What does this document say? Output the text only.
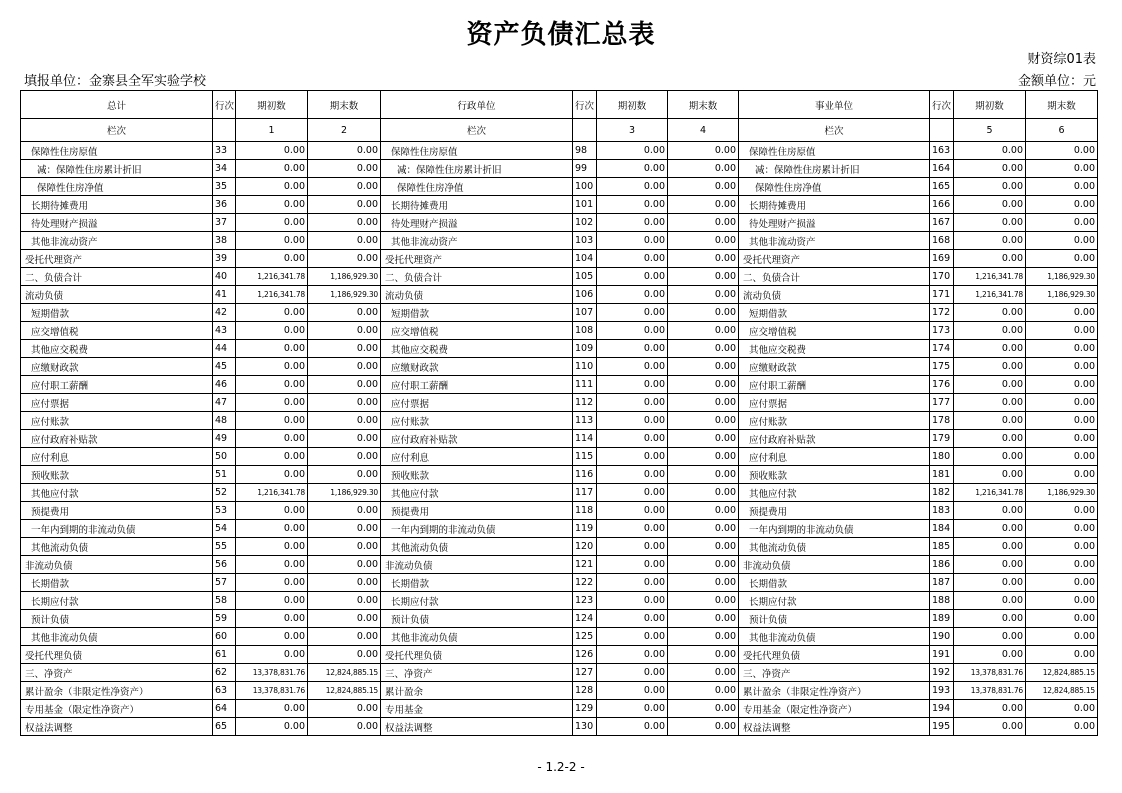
资产负债汇总表
财资综01表
填报单位：金寨县全军实验学校	金额单位：元
总计	行次	期初数	期末数	行政单位	行次	期初数	期末数	事业单位	行次	期初数	期末数
栏次		1	2	栏次		3	4	栏次		5	6
保障性住房原值	33	0.00	0.00	保障性住房原值	98	0.00	0.00	保障性住房原值	163	0.00	0.00
减：保障性住房累计折旧	34	0.00	0.00	减：保障性住房累计折旧	99	0.00	0.00	减：保障性住房累计折旧	164	0.00	0.00
保障性住房净值	35	0.00	0.00	保障性住房净值	100	0.00	0.00	保障性住房净值	165	0.00	0.00
长期待摊费用	36	0.00	0.00	长期待摊费用	101	0.00	0.00	长期待摊费用	166	0.00	0.00
待处理财产损溢	37	0.00	0.00	待处理财产损溢	102	0.00	0.00	待处理财产损溢	167	0.00	0.00
其他非流动资产	38	0.00	0.00	其他非流动资产	103	0.00	0.00	其他非流动资产	168	0.00	0.00
受托代理资产	39	0.00	0.00	受托代理资产	104	0.00	0.00	受托代理资产	169	0.00	0.00
二、负债合计	40	1,216,341.78	1,186,929.30	二、负债合计	105	0.00	0.00	二、负债合计	170	1,216,341.78	1,186,929.30
流动负债	41	1,216,341.78	1,186,929.30	流动负债	106	0.00	0.00	流动负债	171	1,216,341.78	1,186,929.30
短期借款	42	0.00	0.00	短期借款	107	0.00	0.00	短期借款	172	0.00	0.00
应交增值税	43	0.00	0.00	应交增值税	108	0.00	0.00	应交增值税	173	0.00	0.00
其他应交税费	44	0.00	0.00	其他应交税费	109	0.00	0.00	其他应交税费	174	0.00	0.00
应缴财政款	45	0.00	0.00	应缴财政款	110	0.00	0.00	应缴财政款	175	0.00	0.00
应付职工薪酬	46	0.00	0.00	应付职工薪酬	111	0.00	0.00	应付职工薪酬	176	0.00	0.00
应付票据	47	0.00	0.00	应付票据	112	0.00	0.00	应付票据	177	0.00	0.00
应付账款	48	0.00	0.00	应付账款	113	0.00	0.00	应付账款	178	0.00	0.00
应付政府补贴款	49	0.00	0.00	应付政府补贴款	114	0.00	0.00	应付政府补贴款	179	0.00	0.00
应付利息	50	0.00	0.00	应付利息	115	0.00	0.00	应付利息	180	0.00	0.00
预收账款	51	0.00	0.00	预收账款	116	0.00	0.00	预收账款	181	0.00	0.00
其他应付款	52	1,216,341.78	1,186,929.30	其他应付款	117	0.00	0.00	其他应付款	182	1,216,341.78	1,186,929.30
预提费用	53	0.00	0.00	预提费用	118	0.00	0.00	预提费用	183	0.00	0.00
一年内到期的非流动负债	54	0.00	0.00	一年内到期的非流动负债	119	0.00	0.00	一年内到期的非流动负债	184	0.00	0.00
其他流动负债	55	0.00	0.00	其他流动负债	120	0.00	0.00	其他流动负债	185	0.00	0.00
非流动负债	56	0.00	0.00	非流动负债	121	0.00	0.00	非流动负债	186	0.00	0.00
长期借款	57	0.00	0.00	长期借款	122	0.00	0.00	长期借款	187	0.00	0.00
长期应付款	58	0.00	0.00	长期应付款	123	0.00	0.00	长期应付款	188	0.00	0.00
预计负债	59	0.00	0.00	预计负债	124	0.00	0.00	预计负债	189	0.00	0.00
其他非流动负债	60	0.00	0.00	其他非流动负债	125	0.00	0.00	其他非流动负债	190	0.00	0.00
受托代理负债	61	0.00	0.00	受托代理负债	126	0.00	0.00	受托代理负债	191	0.00	0.00
三、净资产	62	13,378,831.76	12,824,885.15	三、净资产	127	0.00	0.00	三、净资产	192	13,378,831.76	12,824,885.15
累计盈余（非限定性净资产）	63	13,378,831.76	12,824,885.15	累计盈余	128	0.00	0.00	累计盈余（非限定性净资产）	193	13,378,831.76	12,824,885.15
专用基金（限定性净资产）	64	0.00	0.00	专用基金	129	0.00	0.00	专用基金（限定性净资产）	194	0.00	0.00
权益法调整	65	0.00	0.00	权益法调整	130	0.00	0.00	权益法调整	195	0.00	0.00
- 1.2-2 -
